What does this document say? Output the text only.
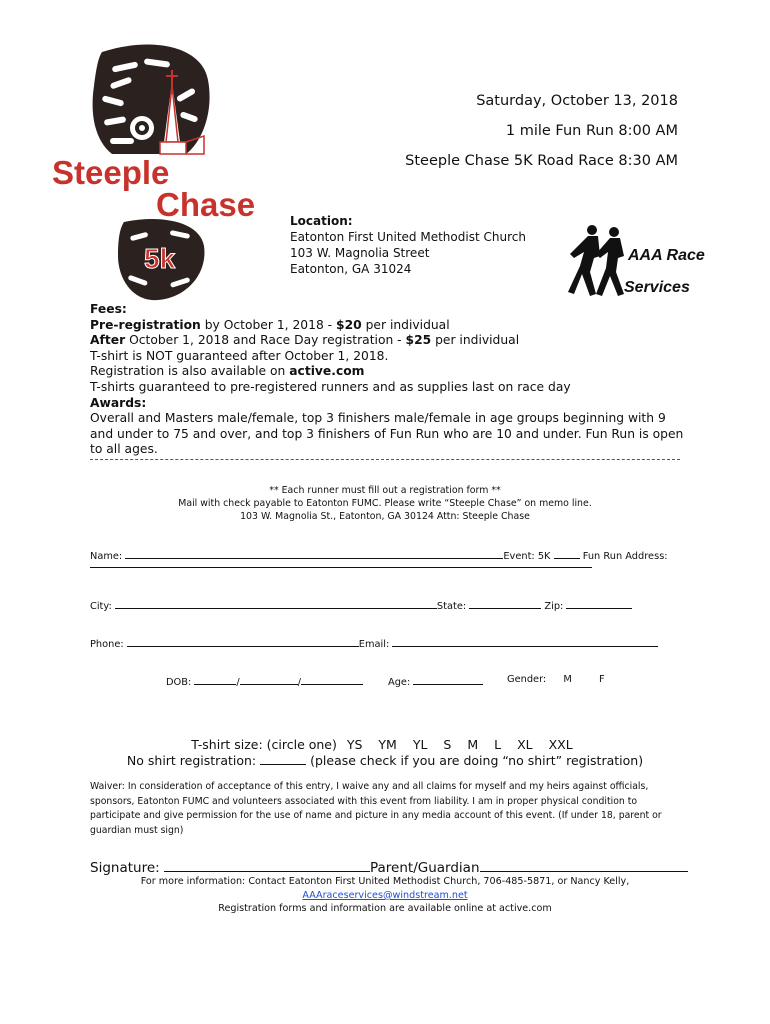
Steeple
Chase
5k
Saturday, October 13, 2018
1 mile Fun Run 8:00 AM
Steeple Chase 5K Road Race 8:30 AM
Location:
Eatonton First United Methodist Church
103 W. Magnolia Street
Eatonton, GA 31024
AAA Race
Services
Fees:
Pre-registration by October 1, 2018 - $20 per individual
After October 1, 2018 and Race Day registration - $25 per individual
T-shirt is NOT guaranteed after October 1, 2018.
Registration is also available on active.com
T-shirts guaranteed to pre-registered runners and as supplies last on race day
Awards:
Overall and Masters male/female, top 3 finishers male/female in age groups beginning with 9 and under to 75 and over, and top 3 finishers of Fun Run who are 10 and under. Fun Run is open to all ages.
** Each runner must fill out a registration form **
Mail with check payable to Eatonton FUMC. Please write “Steeple Chase” on memo line.
103 W. Magnolia St., Eatonton, GA 30124 Attn: Steeple Chase
Name:	Event: 5K	Fun Run Address:
City:	State:	Zip:
Phone:	Email:
DOB:	/	/	Age:	Gender: M	F
T-shirt size: (circle one) YS YM YL S M L XL XXL
No shirt registration:	(please check if you are doing “no shirt” registration)
Waiver: In consideration of acceptance of this entry, I waive any and all claims for myself and my heirs against officials, sponsors, Eatonton FUMC and volunteers associated with this event from liability. I am in proper physical condition to participate and give permission for the use of name and picture in any media account of this event. (If under 18, parent or guardian must sign)
Signature:	Parent/Guardian
For more information: Contact Eatonton First United Methodist Church, 706-485-5871, or Nancy Kelly,
AAAraceservices@windstream.net
Registration forms and information are available online at active.com
